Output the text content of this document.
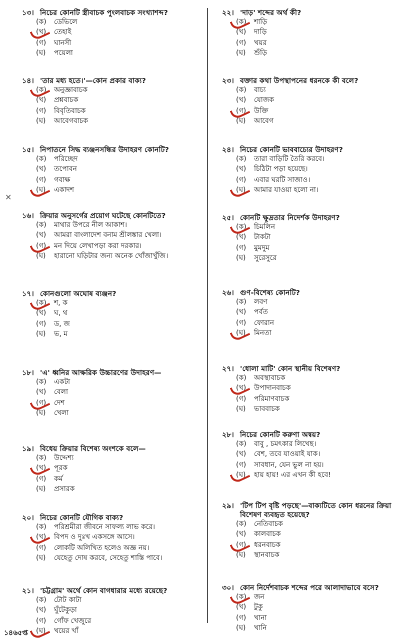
১৩। নিচের কোনটি স্ত্রীবাচক পুংলবাচক সংখ্যাশব্দ?
(ক)	ডেভিলে
(খ)	তেহাই
(গ)	ঘানসী
(ঘ)	পয়েলা
১৪। 'তার মধ্য হতে।'—কোন প্রকার বাক্য?
(ক)	অনুজ্ঞাবাচক
(খ)	প্রশ্নবাচক
(গ)	বিবৃতিবাচক
(ঘ)	আবেগবাচক
১৫। নিপাতনে সিদ্ধ ব্যঞ্জনসন্ধির উদাহরণ কোনটি?
(ক)	পরিচ্ছেদ
(খ)	তপোবন
(গ)	গবাক্ষ
(ঘ)	একাদশ
১৬। ক্রিয়ার অনুসর্গের প্রয়োগ ঘটেছে কোনটিতে?
(ক)	মাথার উপরে নীল আকাশ।
(খ)	আমরা বাংলাদেশ বনাম শ্রীলঙ্কার খেলা।
(গ)	মন দিয়ে লেখাপড়া করা দরকার।
(ঘ)	হারানো ঘড়িটার জন্য অনেক খোঁজাখুঁজি।
১৭। কোনগুলো অঘোষ ব্যঞ্জন?
(ক)	শ, ক
(খ)	ঘ, থ
(গ)	ড, জ
(ঘ)	ভ, ম
১৮। 'এ' ধ্বনির আক্ষরিক উচ্চারণের উদাহরণ—
(ক)	একটা
(খ)	বেলা
(গ)	দেশ
(ঘ)	খেলা
১৯। বিধেয় ক্রিয়ার বিশেষ্য অংশকে বলে—
(ক)	উদ্দেশ্য
(খ)	পূরক
(গ)	কর্ম
(ঘ)	প্রসারক
২০। নিচের কোনটি যৌগিক বাক্য?
(ক)	পরিশ্রমীরা জীবনে সাফল্য লাভ করে।
(খ)	বিপদ ও দুঃখ একসঙ্গে আসে।
(গ)	লোকটি অলিখিত হলেও অজ্ঞ নয়।
(ঘ)	যেহেতু দোষ করবে, সেহেতু শাস্তি পাবে।
২১। 'চট্টগ্রাম' অর্থে কোন বাগধারার মধ্যে রয়েছে?
(ক)	টোট কাটা
(খ)	ঘুঁটেকুড়া
(গ)	গোঁফ খেজুরে
(ঘ)	খয়ের খাঁ
২২। 'দাড়' শব্দের অর্থ কী?
(ক)	শাড়ি
(খ)	দাড়ি
(গ)	খয়র
(ঘ)	শুঁড়ি
২৩। বক্তার কথা উপস্থাপনের ধরনকে কী বলে?
(ক)	বাচ্য
(খ)	যোজক
(গ)	উক্তি
(ঘ)	আবেগ
২৪। নিচের কোনটি ভাববাচ্যের উদাহরণ?
(ক)	তারা বাড়িটি তৈরি করবে।
(খ)	চিঠিটা পড়া হয়েছে।
(গ)	এবার ঘরটি সাজাও।
(ঘ)	আমার যাওয়া হলো না।
২৫। কোনটি ক্ষুদ্রতার নিদের্শক উদাহরণ?
(ক)	চিমলিন
(খ)	টাকটা
(গ)	মুমদুম
(ঘ)	সুরেসুরে
২৬। গুণ-বিশেষ্য কোনটি?
(ক)	লবণ
(খ)	পর্বত
(গ)	ফোরান
(ঘ)	মিনতা
২৭। 'ধোলা মাটি' কোন স্থানীয় বিশেষণ?
(ক)	অবস্থাবাচক
(খ)	উপাদানবাচক
(গ)	পরিমাণবাচক
(ঘ)	ভাববাচক
২৮। নিচের কোনটি করুণা অন্বয়?
(ক)	বাবু , চমৎকার লিখেছ।
(খ)	বেশ, তবে যাওয়াই যাক।
(গ)	সাবধান, যেন ভুল না হয়।
(ঘ)	হায় হায়! এর এখন কী হবে!
২৯। 'টিপ টিপ বৃষ্টি পড়ছে'—বাক্যটিতে কোন ধরনের ক্রিয়া বিশেষণ ব্যবহৃত হয়েছে?
(ক)	নেতিবাচক
(খ)	কালবাচক
(গ)	ধরনবাচক
(ঘ)	স্থানবাচক
৩০। কোন নির্দেশবাচক শব্দের পরে আলাদাভাবে বসে?
(ক)	জন
(খ)	টুকু
(গ)	খানা
(ঘ)	খানি
✕
১৪৬৫প্ত
